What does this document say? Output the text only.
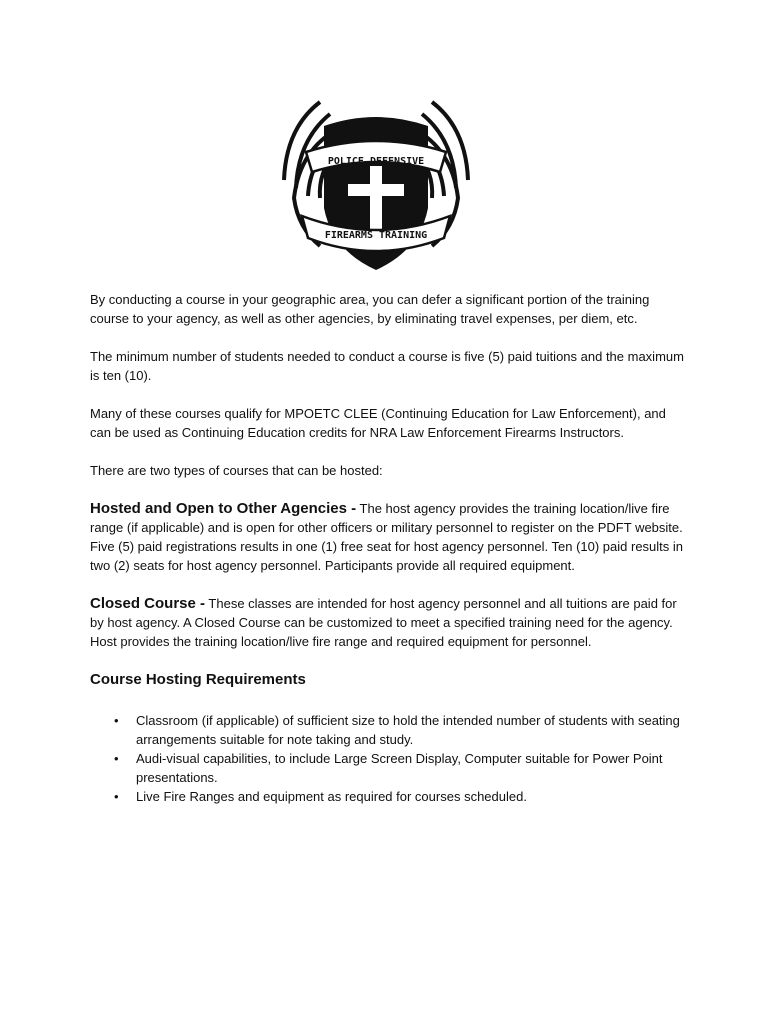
POLICE DEFENSIVE
FIREARMS TRAINING

By conducting a course in your geographic area, you can defer a significant portion of the training course to your agency, as well as other agencies, by eliminating travel expenses, per diem, etc.

The minimum number of students needed to conduct a course is five (5) paid tuitions and the maximum is ten (10).

Many of these courses qualify for MPOETC CLEE (Continuing Education for Law Enforcement), and can be used as Continuing Education credits for NRA Law Enforcement Firearms Instructors.

There are two types of courses that can be hosted:

Hosted and Open to Other Agencies - The host agency provides the training location/live fire range (if applicable) and is open for other officers or military personnel to register on the PDFT website. Five (5) paid registrations results in one (1) free seat for host agency personnel. Ten (10) paid results in two (2) seats for host agency personnel. Participants provide all required equipment.
Closed Course - These classes are intended for host agency personnel and all tuitions are paid for by host agency. A Closed Course can be customized to meet a specified training need for the agency. Host provides the training location/live fire range and required equipment for personnel.
Course Hosting Requirements
• Classroom (if applicable) of sufficient size to hold the intended number of students with seating arrangements suitable for note taking and study.
• Audi-visual capabilities, to include Large Screen Display, Computer suitable for Power Point presentations.
• Live Fire Ranges and equipment as required for courses scheduled.
